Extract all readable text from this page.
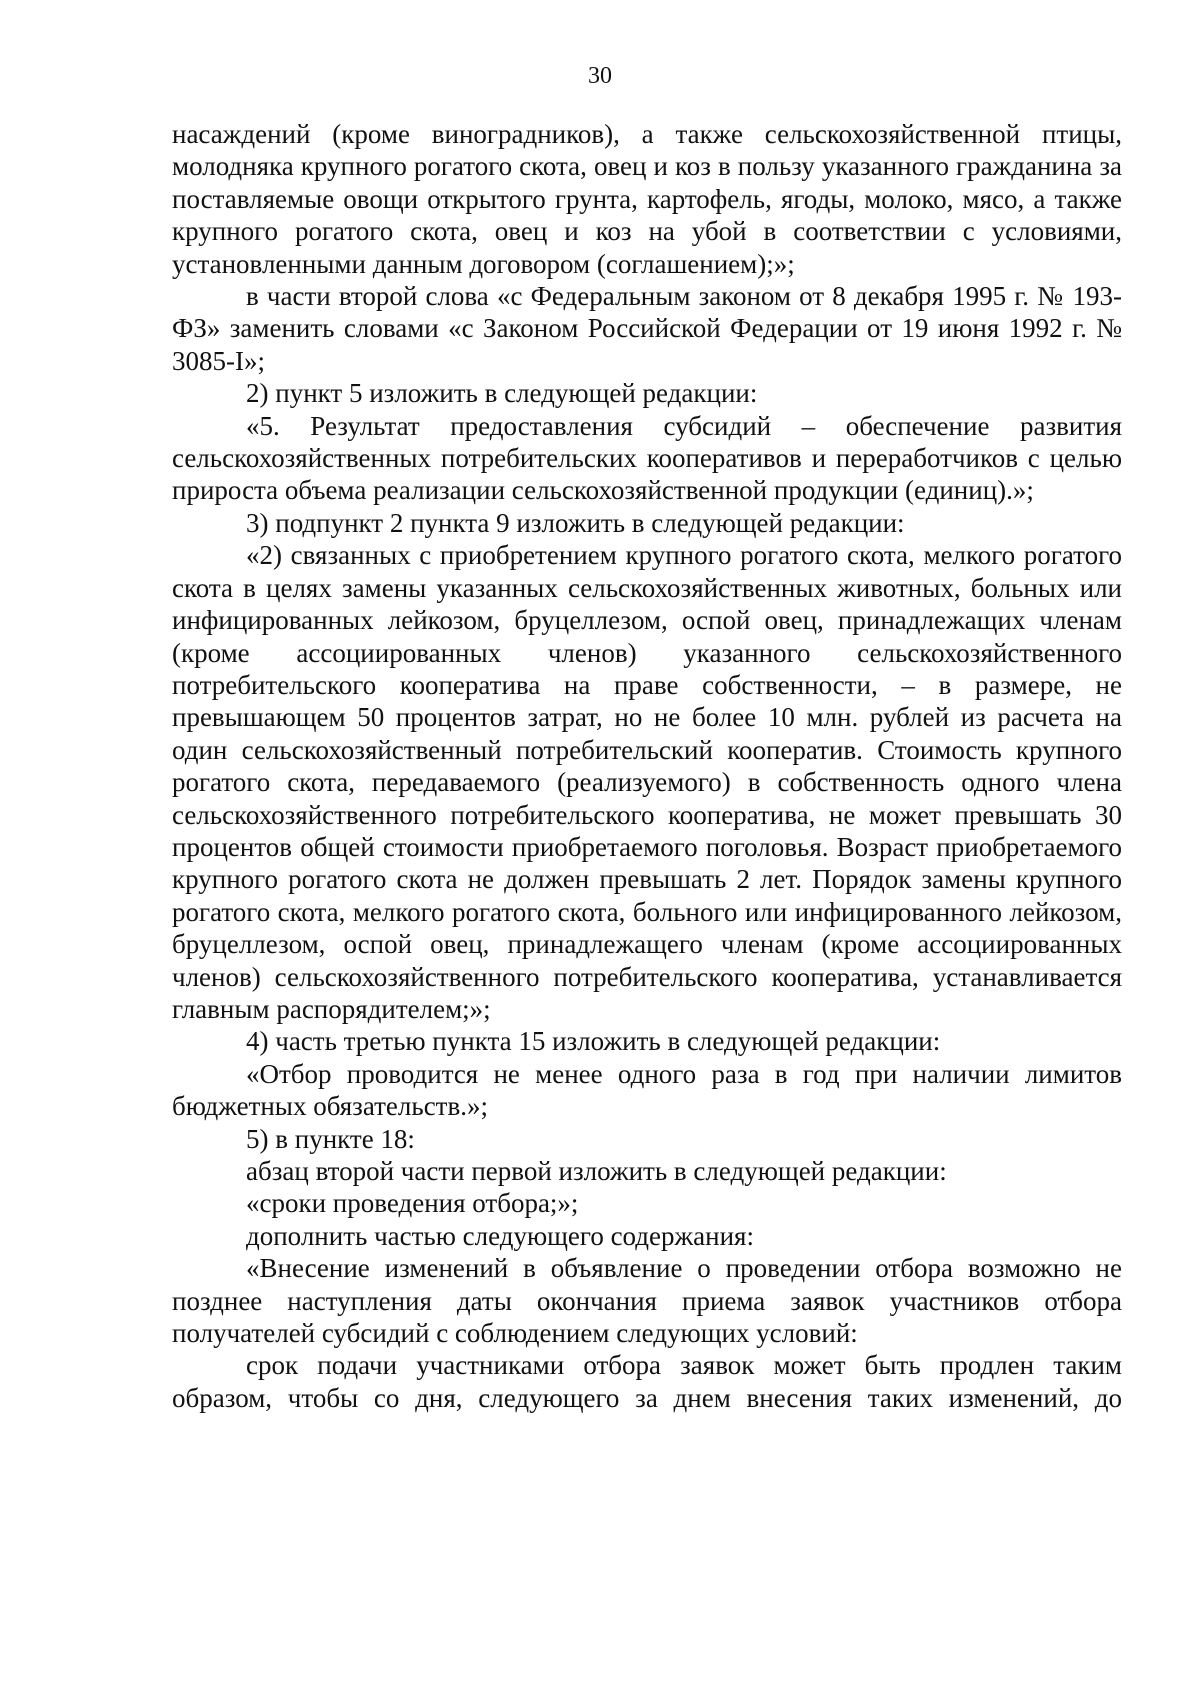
30

насаждений (кроме виноградников), а также сельскохозяйственной птицы, молодняка крупного рогатого скота, овец и коз в пользу указанного гражданина за поставляемые овощи открытого грунта, картофель, ягоды, молоко, мясо, а также крупного рогатого скота, овец и коз на убой в соответствии с условиями, установленными данным договором (соглашением);»;

в части второй слова «с Федеральным законом от 8 декабря 1995 г. № 193-ФЗ» заменить словами «с Законом Российской Федерации от 19 июня 1992 г. № 3085-I»;

2) пункт 5 изложить в следующей редакции:

«5. Результат предоставления субсидий – обеспечение развития сельскохозяйственных потребительских кооперативов и переработчиков с целью прироста объема реализации сельскохозяйственной продукции (единиц).»;

3) подпункт 2 пункта 9 изложить в следующей редакции:

«2) связанных с приобретением крупного рогатого скота, мелкого рогатого скота в целях замены указанных сельскохозяйственных животных, больных или инфицированных лейкозом, бруцеллезом, оспой овец, принадлежащих членам (кроме ассоциированных членов) указанного сельскохозяйственного потребительского кооператива на праве собственности, – в размере, не превышающем 50 процентов затрат, но не более 10 млн. рублей из расчета на один сельскохозяйственный потребительский кооператив. Стоимость крупного рогатого скота, передаваемого (реализуемого) в собственность одного члена сельскохозяйственного потребительского кооператива, не может превышать 30 процентов общей стоимости приобретаемого поголовья. Возраст приобретаемого крупного рогатого скота не должен превышать 2 лет. Порядок замены крупного рогатого скота, мелкого рогатого скота, больного или инфицированного лейкозом, бруцеллезом, оспой овец, принадлежащего членам (кроме ассоциированных членов) сельскохозяйственного потребительского кооператива, устанавливается главным распорядителем;»;

4) часть третью пункта 15 изложить в следующей редакции:

«Отбор проводится не менее одного раза в год при наличии лимитов бюджетных обязательств.»;

5) в пункте 18:

абзац второй части первой изложить в следующей редакции:

«сроки проведения отбора;»;

дополнить частью следующего содержания:

«Внесение изменений в объявление о проведении отбора возможно не позднее наступления даты окончания приема заявок участников отбора получателей субсидий с соблюдением следующих условий:

срок подачи участниками отбора заявок может быть продлен таким образом, чтобы со дня, следующего за днем внесения таких изменений, до
